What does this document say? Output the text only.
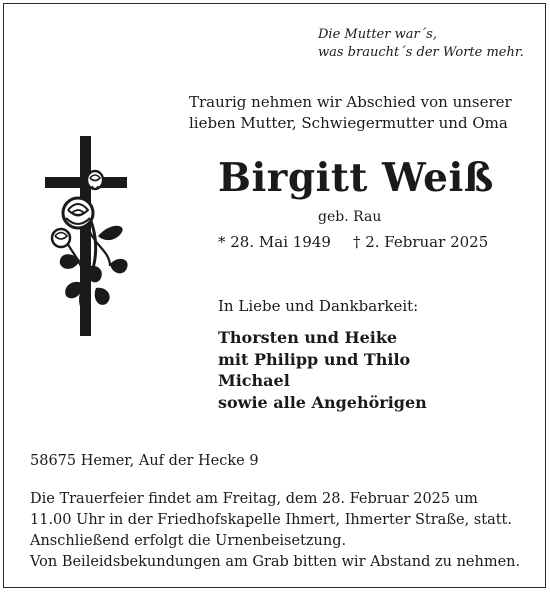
Die Mutter war´s,
was braucht´s der Worte mehr.
Traurig nehmen wir Abschied von unserer
lieben Mutter, Schwiegermutter und Oma
Birgitt Weiß
geb. Rau
* 28. Mai 1949 † 2. Februar 2025
In Liebe und Dankbarkeit:
Thorsten und Heike
mit Philipp und Thilo
Michael
sowie alle Angehörigen
58675 Hemer, Auf der Hecke 9
Die Trauerfeier findet am Freitag, dem 28. Februar 2025 um
11.00 Uhr in der Friedhofskapelle Ihmert, Ihmerter Straße, statt.
Anschließend erfolgt die Urnenbeisetzung.
Von Beileidsbekundungen am Grab bitten wir Abstand zu nehmen.
